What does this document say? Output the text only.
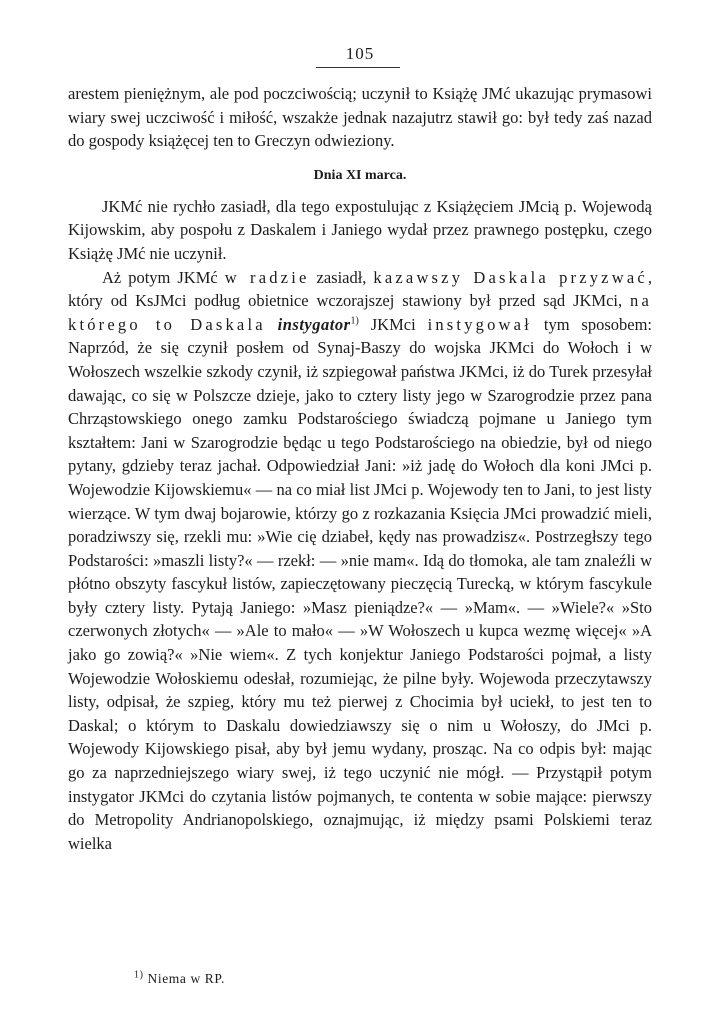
105

arestem pieniężnym, ale pod poczciwością; uczynił to Książę JMć ukazując prymasowi wiary swej uczciwość i miłość, wszakże jednak nazajutrz stawił go: był tedy zaś nazad do gospody książęcej ten to Greczyn odwieziony.

Dnia XI marca.

JKMć nie rychło zasiadł, dla tego expostulując z Książęciem JMcią p. Wojewodą Kijowskim, aby pospołu z Daskalem i Janiego wydał przez prawnego postępku, czego Książę JMć nie uczynił.

Aż potym JKMć w radzie zasiadł, kazawszy Daskala przyzwać, który od KsJMci podług obietnice wczorajszej stawiony był przed sąd JKMci, na którego to Daskala instygator$^{1)}$ JKMci instygował tym sposobem: Naprzód, że się czynił posłem od Synaj-Baszy do wojska JKMci do Wołoch i w Wołoszech wszelkie szkody czynił, iż szpiegował państwa JKMci, iż do Turek przesyłał dawając, co się w Polszcze dzieje, jako to cztery listy jego w Szarogrodzie przez pana Chrząstowskiego onego zamku Podstarościego świadczą pojmane u Janiego tym kształtem: Jani w Szarogrodzie będąc u tego Podstarościego na obiedzie, był od niego pytany, gdzieby teraz jachał. Odpowiedział Jani: »iż jadę do Wołoch dla koni JMci p. Wojewodzie Kijowskiemu« — na co miał list JMci p. Wojewody ten to Jani, to jest listy wierzące. W tym dwaj bojarowie, którzy go z rozkazania Księcia JMci prowadzić mieli, poradziwszy się, rzekli mu: »Wie cię dziabeł, kędy nas prowadzisz«. Postrzegłszy tego Podstarości: »maszli listy?« — rzekł: — »nie mam«. Idą do tłomoka, ale tam znaleźli w płótno obszyty fascykuł listów, zapieczętowany pieczęcią Turecką, w którym fascykule były cztery listy. Pytają Janiego: »Masz pieniądze?« — »Mam«. — »Wiele?« »Sto czerwonych złotych« — »Ale to mało« — »W Wołoszech u kupca wezmę więcej« »A jako go zowią?« »Nie wiem«. Z tych konjektur Janiego Podstarości pojmał, a listy Wojewodzie Wołoskiemu odesłał, rozumiejąc, że pilne były. Wojewoda przeczytawszy listy, odpisał, że szpieg, który mu też pierwej z Chocimia był uciekł, to jest ten to Daskal; o którym to Daskalu dowiedziawszy się o nim u Wołoszy, do JMci p. Wojewody Kijowskiego pisał, aby był jemu wydany, prosząc. Na co odpis był: mając go za naprzedniejszego wiary swej, iż tego uczynić nie mógł. — Przystąpił potym instygator JKMci do czytania listów pojmanych, te contenta w sobie mające: pierwszy do Metropolity Andrianopolskiego, oznajmując, iż między psami Polskiemi teraz wielka

$^{1)}$ Niema w RP.
